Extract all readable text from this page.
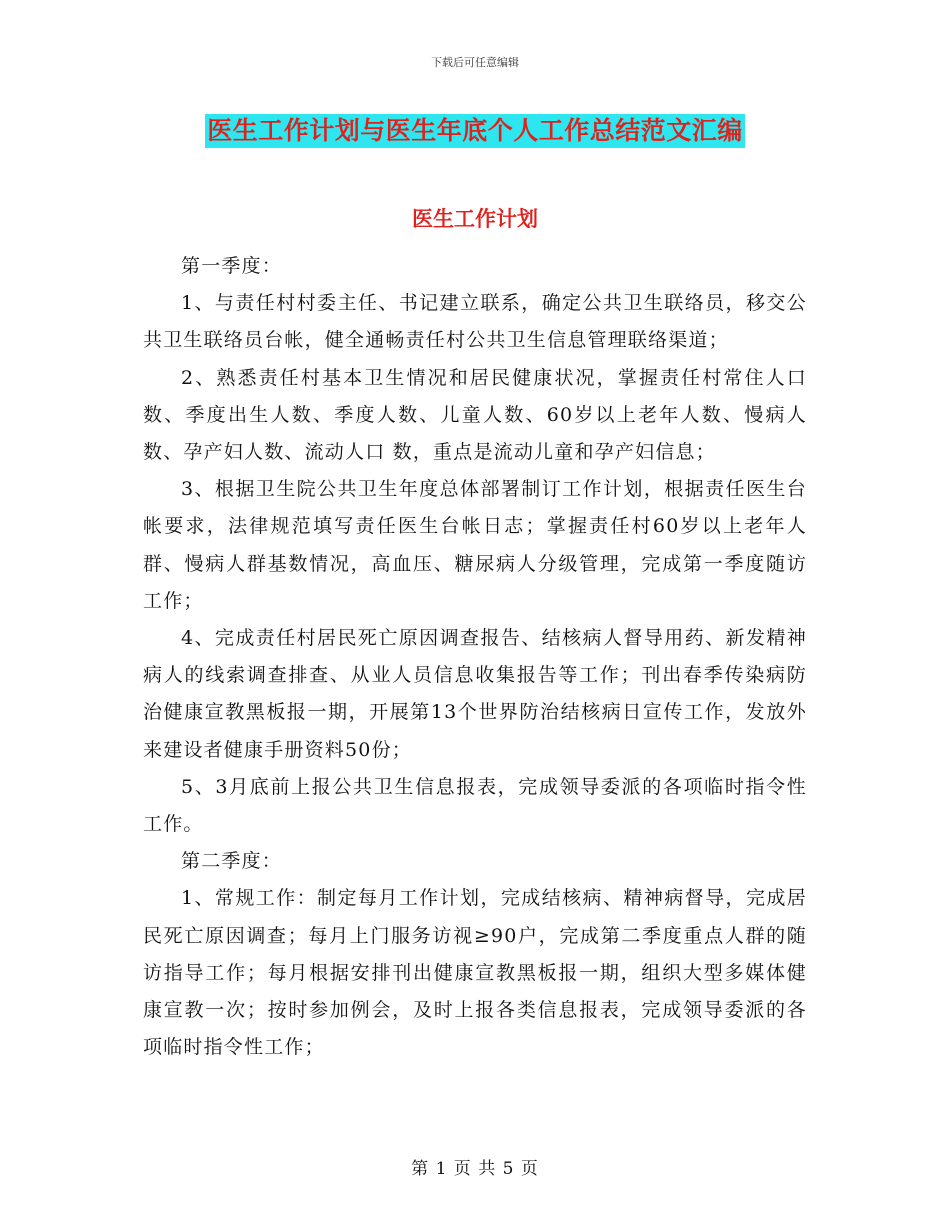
下载后可任意编辑
医生工作计划与医生年底个人工作总结范文汇编
医生工作计划

第一季度：

1、与责任村村委主任、书记建立联系，确定公共卫生联络员，移交公共卫生联络员台帐，健全通畅责任村公共卫生信息管理联络渠道；

2、熟悉责任村基本卫生情况和居民健康状况，掌握责任村常住人口数、季度出生人数、季度人数、儿童人数、60岁以上老年人数、慢病人数、孕产妇人数、流动人口 数，重点是流动儿童和孕产妇信息；

3、根据卫生院公共卫生年度总体部署制订工作计划，根据责任医生台帐要求，法律规范填写责任医生台帐日志；掌握责任村60岁以上老年人群、慢病人群基数情况，高血压、糖尿病人分级管理，完成第一季度随访工作；

4、完成责任村居民死亡原因调查报告、结核病人督导用药、新发精神病人的线索调查排查、从业人员信息收集报告等工作；刊出春季传染病防治健康宣教黑板报一期，开展第13个世界防治结核病日宣传工作，发放外来建设者健康手册资料50份；

5、3月底前上报公共卫生信息报表，完成领导委派的各项临时指令性工作。

第二季度：

1、常规工作：制定每月工作计划，完成结核病、精神病督导，完成居民死亡原因调查；每月上门服务访视≥90户，完成第二季度重点人群的随访指导工作；每月根据安排刊出健康宣教黑板报一期，组织大型多媒体健康宣教一次；按时参加例会，及时上报各类信息报表，完成领导委派的各项临时指令性工作；

第 1 页 共 5 页
